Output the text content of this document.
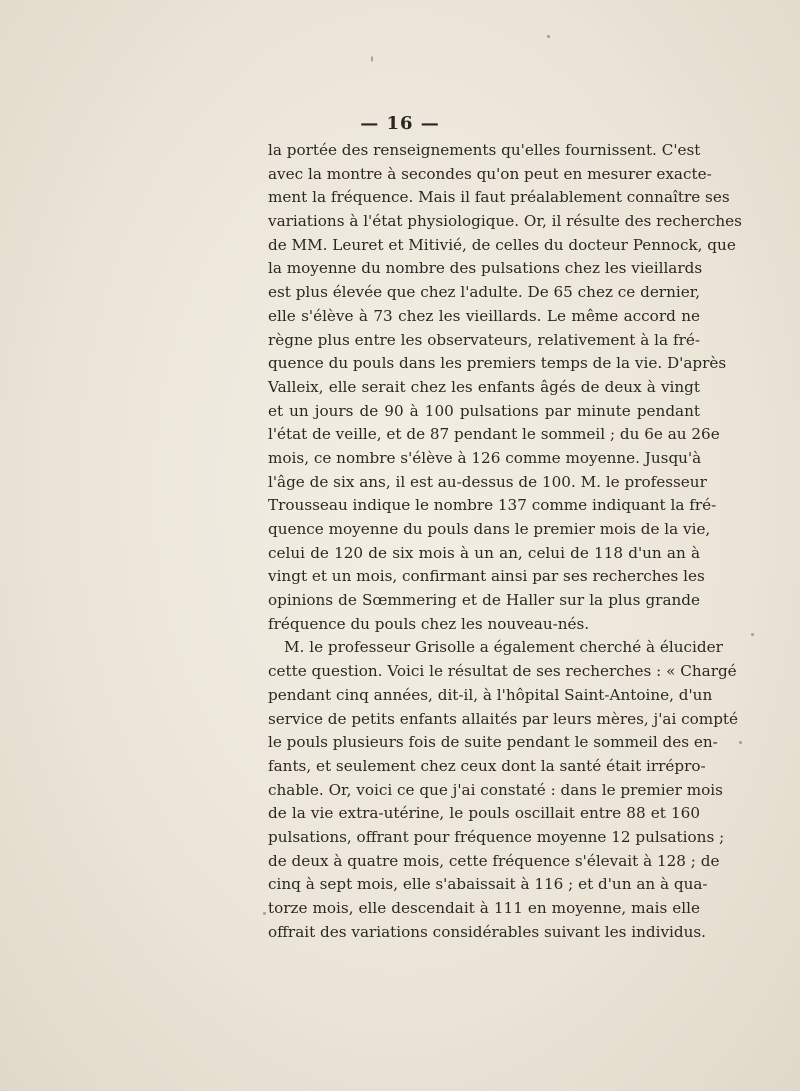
— 16 —
la portée des renseignements qu'elles fournissent. C'est
avec la montre à secondes qu'on peut en mesurer exacte-
ment la fréquence. Mais il faut préalablement connaître ses
variations à l'état physiologique. Or, il résulte des recherches
de MM. Leuret et Mitivié, de celles du docteur Pennock, que
la moyenne du nombre des pulsations chez les vieillards
est plus élevée que chez l'adulte. De 65 chez ce dernier,
elle s'élève à 73 chez les vieillards. Le même accord ne
règne plus entre les observateurs, relativement à la fré-
quence du pouls dans les premiers temps de la vie. D'après
Valleix, elle serait chez les enfants âgés de deux à vingt
et un jours de 90 à 100 pulsations par minute pendant
l'état de veille, et de 87 pendant le sommeil ; du 6e au 26e
mois, ce nombre s'élève à 126 comme moyenne. Jusqu'à
l'âge de six ans, il est au-dessus de 100. M. le professeur
Trousseau indique le nombre 137 comme indiquant la fré-
quence moyenne du pouls dans le premier mois de la vie,
celui de 120 de six mois à un an, celui de 118 d'un an à
vingt et un mois, confirmant ainsi par ses recherches les
opinions de Sœmmering et de Haller sur la plus grande
fréquence du pouls chez les nouveau-nés.
M. le professeur Grisolle a également cherché à élucider
cette question. Voici le résultat de ses recherches : « Chargé
pendant cinq années, dit-il, à l'hôpital Saint-Antoine, d'un
service de petits enfants allaités par leurs mères, j'ai compté
le pouls plusieurs fois de suite pendant le sommeil des en-
fants, et seulement chez ceux dont la santé était irrépro-
chable. Or, voici ce que j'ai constaté : dans le premier mois
de la vie extra-utérine, le pouls oscillait entre 88 et 160
pulsations, offrant pour fréquence moyenne 12 pulsations ;
de deux à quatre mois, cette fréquence s'élevait à 128 ; de
cinq à sept mois, elle s'abaissait à 116 ; et d'un an à qua-
torze mois, elle descendait à 111 en moyenne, mais elle
offrait des variations considérables suivant les individus.
